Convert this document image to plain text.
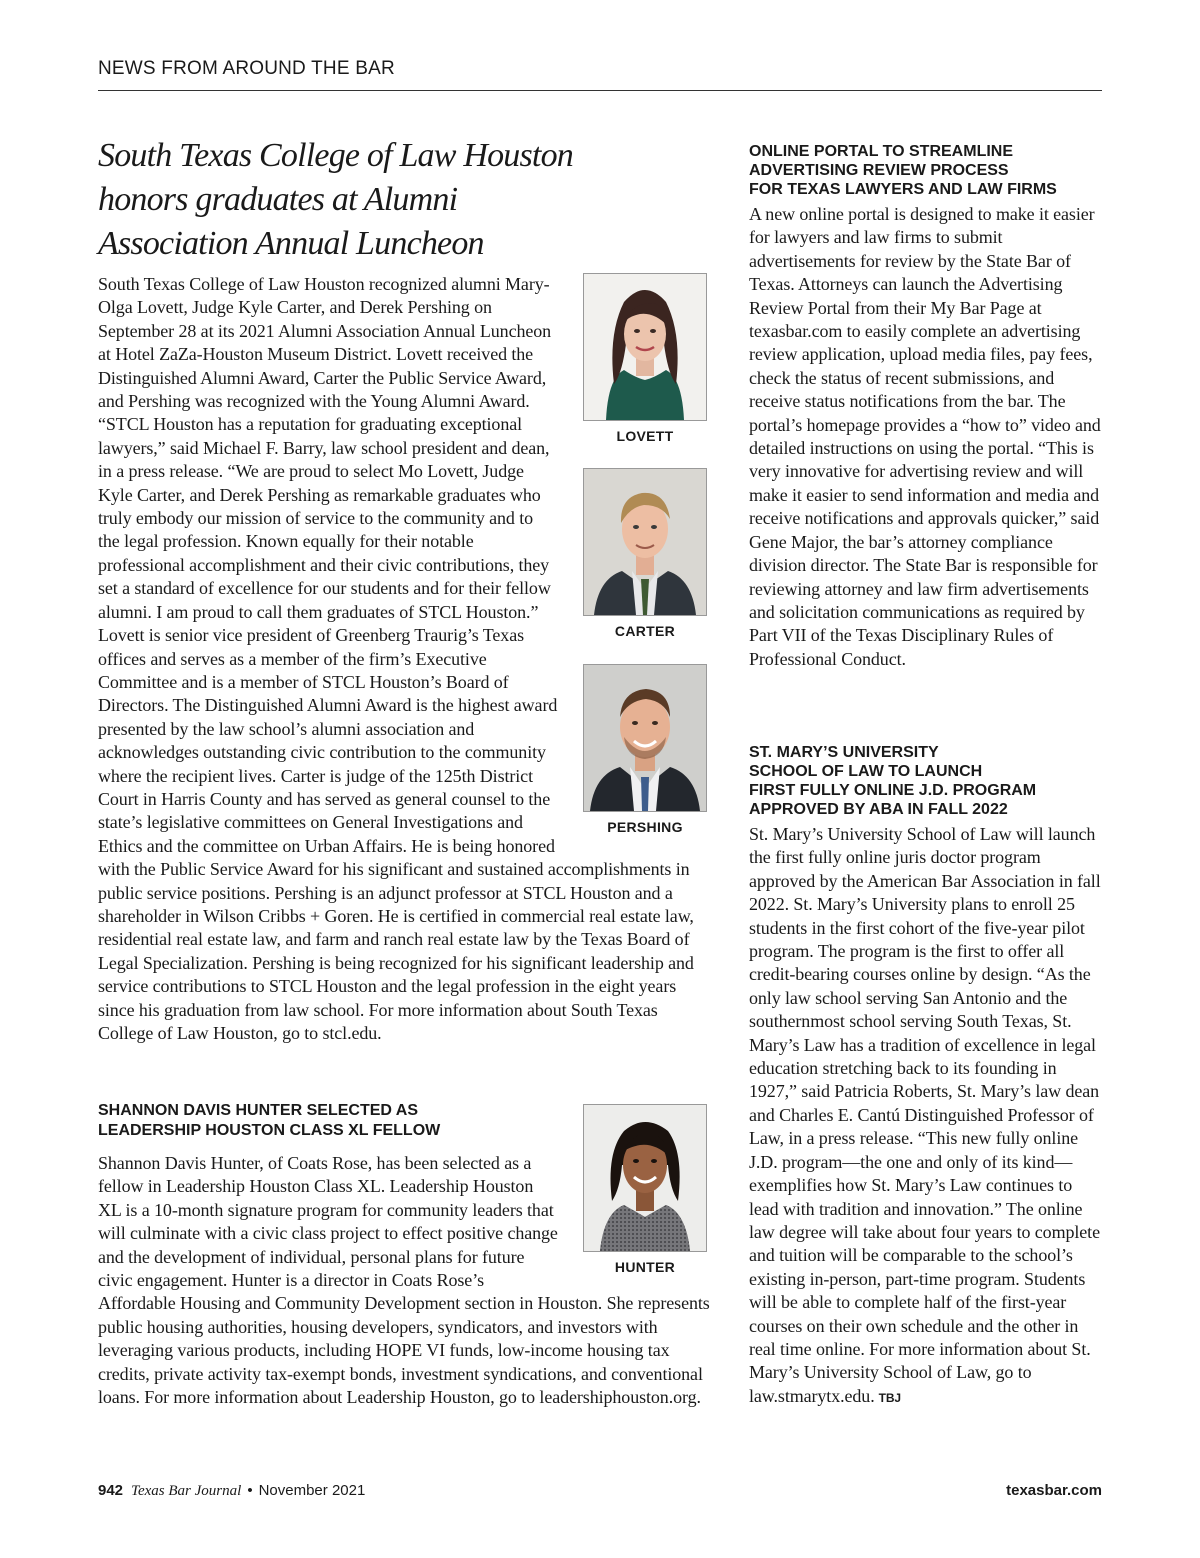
NEWS FROM AROUND THE BAR
South Texas College of Law Houston honors graduates at Alumni Association Annual Luncheon
LOVETT
CARTER
PERSHING
South Texas College of Law Houston recognized alumni Mary-Olga Lovett, Judge Kyle Carter, and Derek Pershing on September 28 at its 2021 Alumni Association Annual Luncheon at Hotel ZaZa-Houston Museum District. Lovett received the Distinguished Alumni Award, Carter the Public Service Award, and Pershing was recognized with the Young Alumni Award. “STCL Houston has a reputation for graduating exceptional lawyers,” said Michael F. Barry, law school president and dean, in a press release. “We are proud to select Mo Lovett, Judge Kyle Carter, and Derek Pershing as remarkable graduates who truly embody our mission of service to the community and to the legal profession. Known equally for their notable professional accomplishment and their civic contributions, they set a standard of excellence for our students and for their fellow alumni. I am proud to call them graduates of STCL Houston.” Lovett is senior vice president of Greenberg Traurig’s Texas offices and serves as a member of the firm’s Executive Committee and is a member of STCL Houston’s Board of Directors. The Distinguished Alumni Award is the highest award presented by the law school’s alumni association and acknowledges outstanding civic contribution to the community where the recipient lives. Carter is judge of the 125th District Court in Harris County and has served as general counsel to the state’s legislative committees on General Investigations and Ethics and the committee on Urban Affairs. He is being honored with the Public Service Award for his significant and sustained accomplishments in public service positions. Pershing is an adjunct professor at STCL Houston and a shareholder in Wilson Cribbs + Goren. He is certified in commercial real estate law, residential real estate law, and farm and ranch real estate law by the Texas Board of Legal Specialization. Pershing is being recognized for his significant leadership and service contributions to STCL Houston and the legal profession in the eight years since his graduation from law school. For more information about South Texas College of Law Houston, go to stcl.edu.
SHANNON DAVIS HUNTER SELECTED AS
LEADERSHIP HOUSTON CLASS XL FELLOW
HUNTER
Shannon Davis Hunter, of Coats Rose, has been selected as a fellow in Leadership Houston Class XL. Leadership Houston XL is a 10-month signature program for community leaders that will culminate with a civic class project to effect positive change and the development of individual, personal plans for future civic engagement. Hunter is a director in Coats Rose’s Affordable Housing and Community Development section in Houston. She represents public housing authorities, housing developers, syndicators, and investors with leveraging various products, including HOPE VI funds, low-income housing tax credits, private activity tax-exempt bonds, investment syndications, and conventional loans. For more information about Leadership Houston, go to leadershiphouston.org.
ONLINE PORTAL TO STREAMLINE
ADVERTISING REVIEW PROCESS
FOR TEXAS LAWYERS AND LAW FIRMS

A new online portal is designed to make it easier for lawyers and law firms to submit advertisements for review by the State Bar of Texas. Attorneys can launch the Advertising Review Portal from their My Bar Page at texasbar.com to easily complete an advertising review application, upload media files, pay fees, check the status of recent submissions, and receive status notifications from the bar. The portal’s homepage provides a “how to” video and detailed instructions on using the portal. “This is very innovative for advertising review and will make it easier to send information and media and receive notifications and approvals quicker,” said Gene Major, the bar’s attorney compliance division director. The State Bar is responsible for reviewing attorney and law firm advertisements and solicitation communications as required by Part VII of the Texas Disciplinary Rules of Professional Conduct.

ST. MARY’S UNIVERSITY
SCHOOL OF LAW TO LAUNCH
FIRST FULLY ONLINE J.D. PROGRAM
APPROVED BY ABA IN FALL 2022

St. Mary’s University School of Law will launch the first fully online juris doctor program approved by the American Bar Association in fall 2022. St. Mary’s University plans to enroll 25 students in the first cohort of the five-year pilot program. The program is the first to offer all credit-bearing courses online by design. “As the only law school serving San Antonio and the southernmost school serving South Texas, St. Mary’s Law has a tradition of excellence in legal education stretching back to its founding in 1927,” said Patricia Roberts, St. Mary’s law dean and Charles E. Cantú Distinguished Professor of Law, in a press release. “This new fully online J.D. program—the one and only of its kind—exemplifies how St. Mary’s Law continues to lead with tradition and innovation.” The online law degree will take about four years to complete and tuition will be comparable to the school’s existing in-person, part-time program. Students will be able to complete half of the first-year courses on their own schedule and the other in real time online. For more information about St. Mary’s University School of Law, go to law.stmarytx.edu. TBJ

942 Texas Bar Journal • November 2021	texasbar.com
